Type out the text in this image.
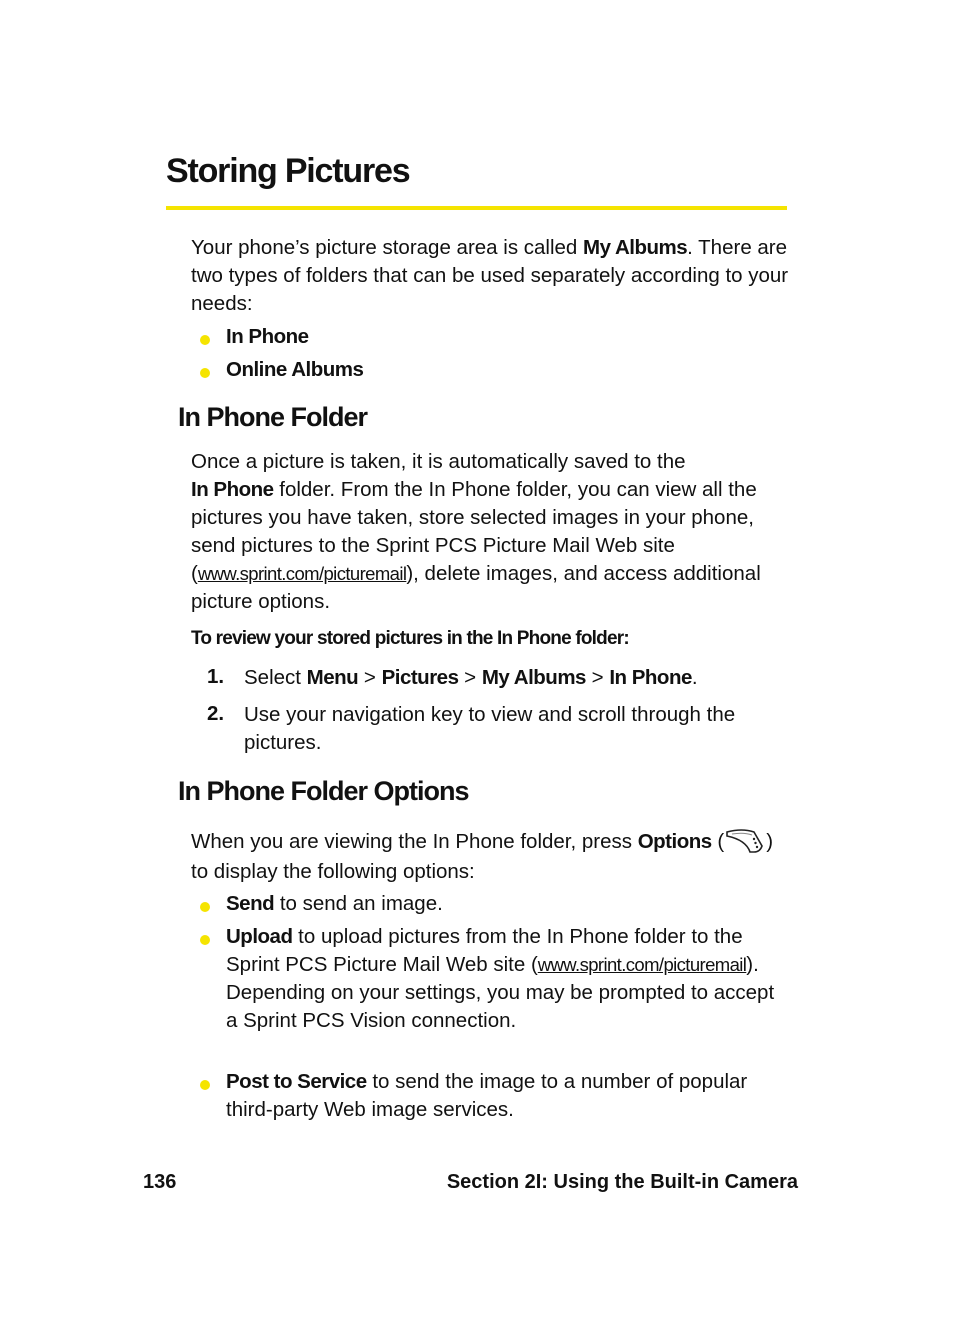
Storing Pictures
Your phone’s picture storage area is called My Albums. There are two types of folders that can be used separately according to your needs:
In Phone
Online Albums
In Phone Folder
Once a picture is taken, it is automatically saved to the
In Phone folder. From the In Phone folder, you can view all the pictures you have taken, store selected images in your phone, send pictures to the Sprint PCS Picture Mail Web site
(www.sprint.com/picturemail), delete images, and access additional picture options.
To review your stored pictures in the In Phone folder:
1. Select Menu > Pictures > My Albums > In Phone.
2. Use your navigation key to view and scroll through the pictures.
In Phone Folder Options
When you are viewing the In Phone folder, press Options ( )
to display the following options:
Send to send an image.
Upload to upload pictures from the In Phone folder to the Sprint PCS Picture Mail Web site (www.sprint.com/picturemail). Depending on your settings, you may be prompted to accept a Sprint PCS Vision connection.
Post to Service to send the image to a number of popular third-party Web image services.
136	Section 2I: Using the Built-in Camera
